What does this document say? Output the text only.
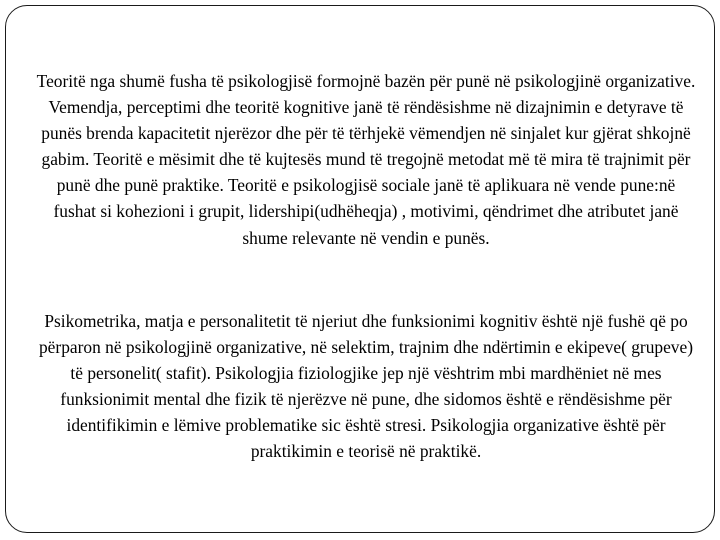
Teoritë nga shumë fusha të psikologjisë formojnë bazën për punë në psikologjinë organizative. Vemendja, perceptimi dhe teoritë kognitive janë të rëndësishme në dizajnimin e detyrave të punës brenda kapacitetit njerëzor dhe për të tërhjekë vëmendjen në sinjalet kur gjërat shkojnë gabim. Teoritë e mësimit dhe të kujtesës mund të tregojnë metodat më të mira të trajnimit për punë dhe punë praktike. Teoritë e psikologjisë sociale janë të aplikuara në vende pune:në fushat si kohezioni i grupit, lidershipi(udhëheqja) , motivimi, qëndrimet dhe atributet janë shume relevante në vendin e punës.

Psikometrika, matja e personalitetit të njeriut dhe funksionimi kognitiv është një fushë që po përparon në psikologjinë organizative, në selektim, trajnim dhe ndërtimin e ekipeve( grupeve) të personelit( stafit). Psikologjia fiziologjike jep një vështrim mbi mardhëniet në mes funksionimit mental dhe fizik të njerëzve në pune, dhe sidomos është e rëndësishme për identifikimin e lëmive problematike sic është stresi. Psikologjia organizative është për praktikimin e teorisë në praktikë.
